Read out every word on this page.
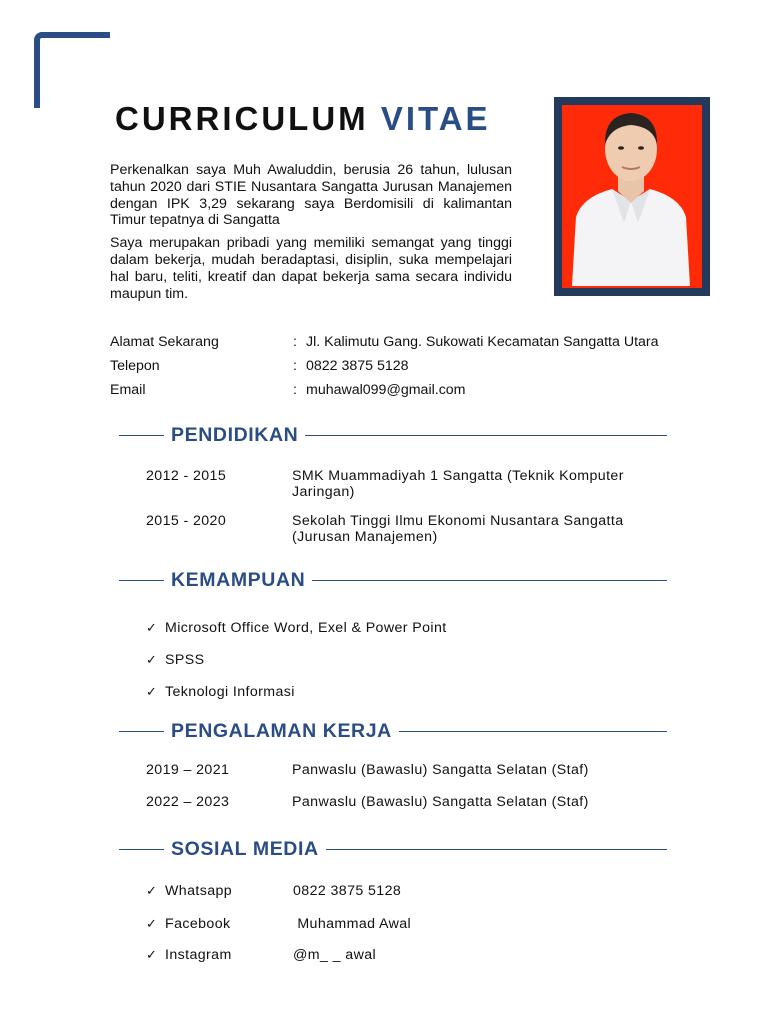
CURRICULUM VITAE

Perkenalkan saya Muh Awaluddin, berusia 26 tahun, lulusan tahun 2020 dari STIE Nusantara Sangatta Jurusan Manajemen dengan IPK 3,29 sekarang saya Berdomisili di kalimantan Timur tepatnya di Sangatta

Saya merupakan pribadi yang memiliki semangat yang tinggi dalam bekerja, mudah beradaptasi, disiplin, suka mempelajari hal baru, teliti, kreatif dan dapat bekerja sama secara individu maupun tim.

Alamat Sekarang	: Jl. Kalimutu Gang. Sukowati Kecamatan Sangatta Utara
Telepon	: 0822 3875 5128
Email	: muhawal099@gmail.com
PENDIDIKAN
2012 - 2015	SMK Muammadiyah 1 Sangatta (Teknik Komputer
Jaringan)
2015 - 2020	Sekolah Tinggi Ilmu Ekonomi Nusantara Sangatta
(Jurusan Manajemen)
KEMAMPUAN
✓ Microsoft Office Word, Exel & Power Point
✓ SPSS
✓ Teknologi Informasi
PENGALAMAN KERJA
2019 – 2021	Panwaslu (Bawaslu) Sangatta Selatan (Staf)
2022 – 2023	Panwaslu (Bawaslu) Sangatta Selatan (Staf)
SOSIAL MEDIA
✓ Whatsapp	0822 3875 5128
✓ Facebook	Muhammad Awal
✓ Instagram	@m_ _ awal
